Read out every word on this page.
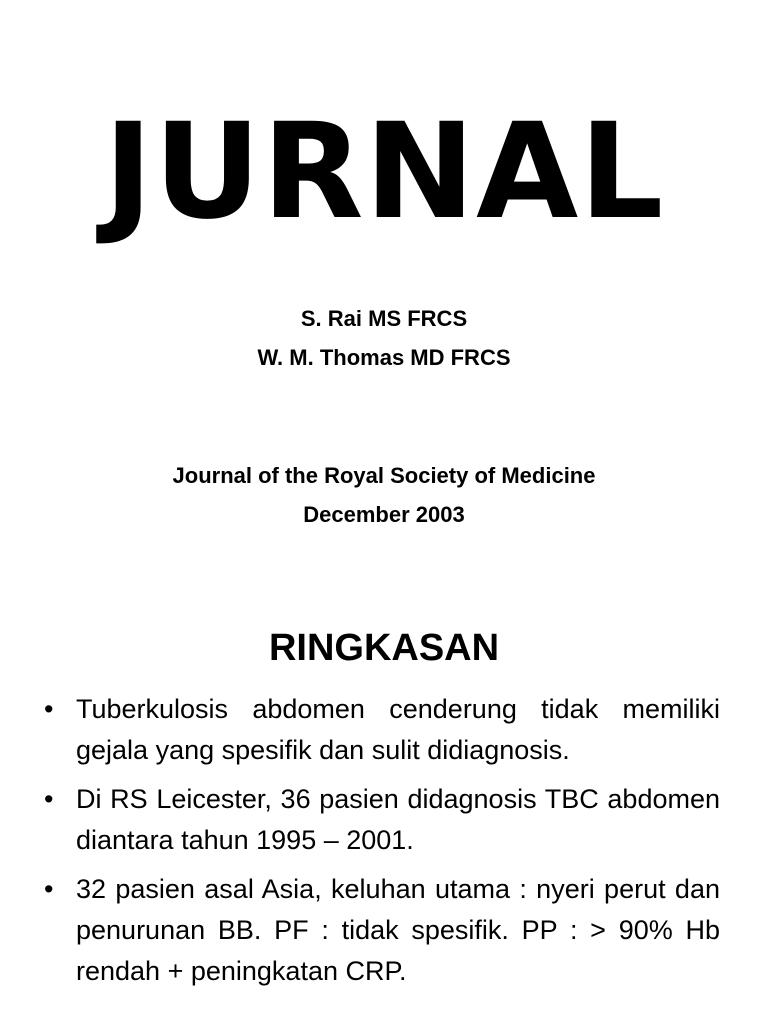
JURNAL
S. Rai MS FRCS
W. M. Thomas MD FRCS
Journal of the Royal Society of Medicine
December 2003
RINGKASAN
• Tuberkulosis abdomen cenderung tidak memiliki gejala yang spesifik dan sulit didiagnosis.
• Di RS Leicester, 36 pasien didagnosis TBC abdomen diantara tahun 1995 – 2001.
• 32 pasien asal Asia, keluhan utama : nyeri perut dan penurunan BB. PF : tidak spesifik. PP : > 90% Hb rendah + peningkatan CRP.
